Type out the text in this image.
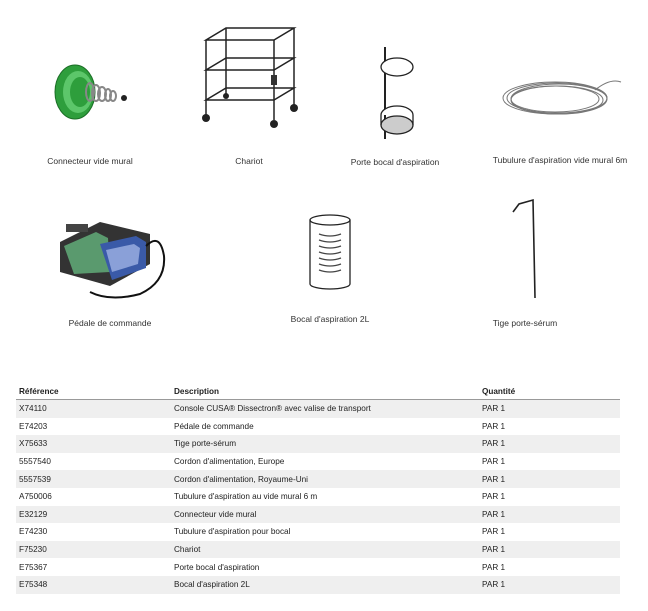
Connecteur vide mural	Chariot	Porte bocal d'aspiration	Tubulure d'aspiration vide mural 6m
Pédale de commande	Bocal d'aspiration 2L	Tige porte-sérum
Référence	Description	Quantité
X74110	Console CUSA® Dissectron® avec valise de transport	PAR 1
E74203	Pédale de commande	PAR 1
X75633	Tige porte-sérum	PAR 1
5557540	Cordon d'alimentation, Europe	PAR 1
5557539	Cordon d'alimentation, Royaume-Uni	PAR 1
A750006	Tubulure d'aspiration au vide mural 6 m	PAR 1
E32129	Connecteur vide mural	PAR 1
E74230	Tubulure d'aspiration pour bocal	PAR 1
F75230	Chariot	PAR 1
E75367	Porte bocal d'aspiration	PAR 1
E75348	Bocal d'aspiration 2L	PAR 1
